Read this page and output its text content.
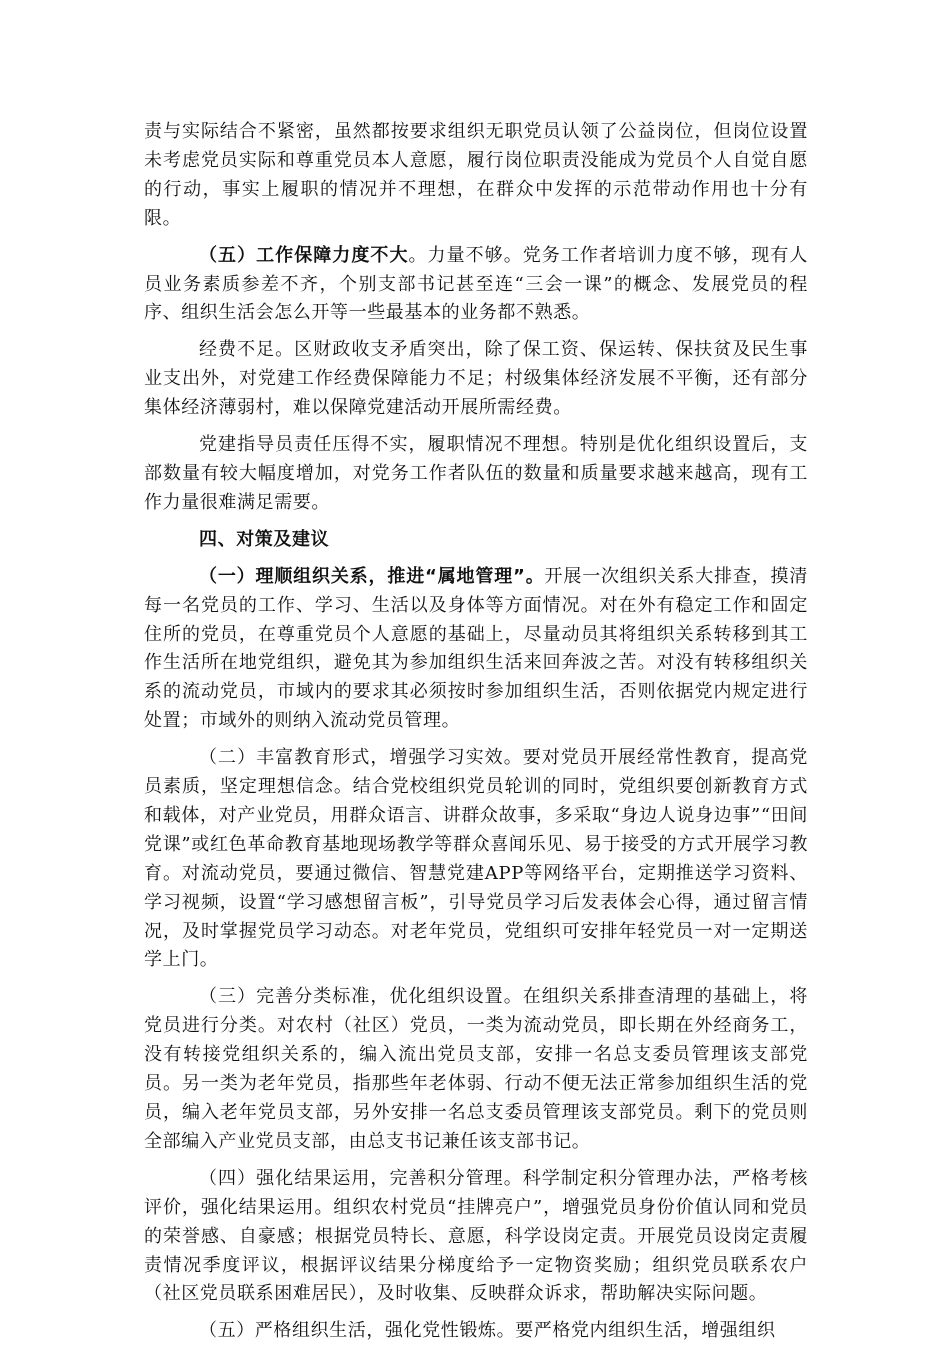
责与实际结合不紧密，虽然都按要求组织无职党员认领了公益岗位，但岗位设置未考虑党员实际和尊重党员本人意愿，履行岗位职责没能成为党员个人自觉自愿的行动，事实上履职的情况并不理想，在群众中发挥的示范带动作用也十分有限。

（五）工作保障力度不大。力量不够。党务工作者培训力度不够，现有人员业务素质参差不齐，个别支部书记甚至连“三会一课”的概念、发展党员的程序、组织生活会怎么开等一些最基本的业务都不熟悉。

经费不足。区财政收支矛盾突出，除了保工资、保运转、保扶贫及民生事业支出外，对党建工作经费保障能力不足；村级集体经济发展不平衡，还有部分集体经济薄弱村，难以保障党建活动开展所需经费。

党建指导员责任压得不实，履职情况不理想。特别是优化组织设置后，支部数量有较大幅度增加，对党务工作者队伍的数量和质量要求越来越高，现有工作力量很难满足需要。

四、对策及建议

（一）理顺组织关系，推进“属地管理”。开展一次组织关系大排查，摸清每一名党员的工作、学习、生活以及身体等方面情况。对在外有稳定工作和固定住所的党员，在尊重党员个人意愿的基础上，尽量动员其将组织关系转移到其工作生活所在地党组织，避免其为参加组织生活来回奔波之苦。对没有转移组织关系的流动党员，市域内的要求其必须按时参加组织生活，否则依据党内规定进行处置；市域外的则纳入流动党员管理。

（二）丰富教育形式，增强学习实效。要对党员开展经常性教育，提高党员素质，坚定理想信念。结合党校组织党员轮训的同时，党组织要创新教育方式和载体，对产业党员，用群众语言、讲群众故事，多采取“身边人说身边事”“田间党课”或红色革命教育基地现场教学等群众喜闻乐见、易于接受的方式开展学习教育。对流动党员，要通过微信、智慧党建APP等网络平台，定期推送学习资料、学习视频，设置“学习感想留言板”，引导党员学习后发表体会心得，通过留言情况，及时掌握党员学习动态。对老年党员，党组织可安排年轻党员一对一定期送学上门。

（三）完善分类标准，优化组织设置。在组织关系排查清理的基础上，将党员进行分类。对农村（社区）党员，一类为流动党员，即长期在外经商务工，没有转接党组织关系的，编入流出党员支部，安排一名总支委员管理该支部党员。另一类为老年党员，指那些年老体弱、行动不便无法正常参加组织生活的党员，编入老年党员支部，另外安排一名总支委员管理该支部党员。剩下的党员则全部编入产业党员支部，由总支书记兼任该支部书记。

（四）强化结果运用，完善积分管理。科学制定积分管理办法，严格考核评价，强化结果运用。组织农村党员“挂牌亮户”，增强党员身份价值认同和党员的荣誉感、自豪感；根据党员特长、意愿，科学设岗定责。开展党员设岗定责履责情况季度评议，根据评议结果分梯度给予一定物资奖励；组织党员联系农户（社区党员联系困难居民），及时收集、反映群众诉求，帮助解决实际问题。

（五）严格组织生活，强化党性锻炼。要严格党内组织生活，增强组织
